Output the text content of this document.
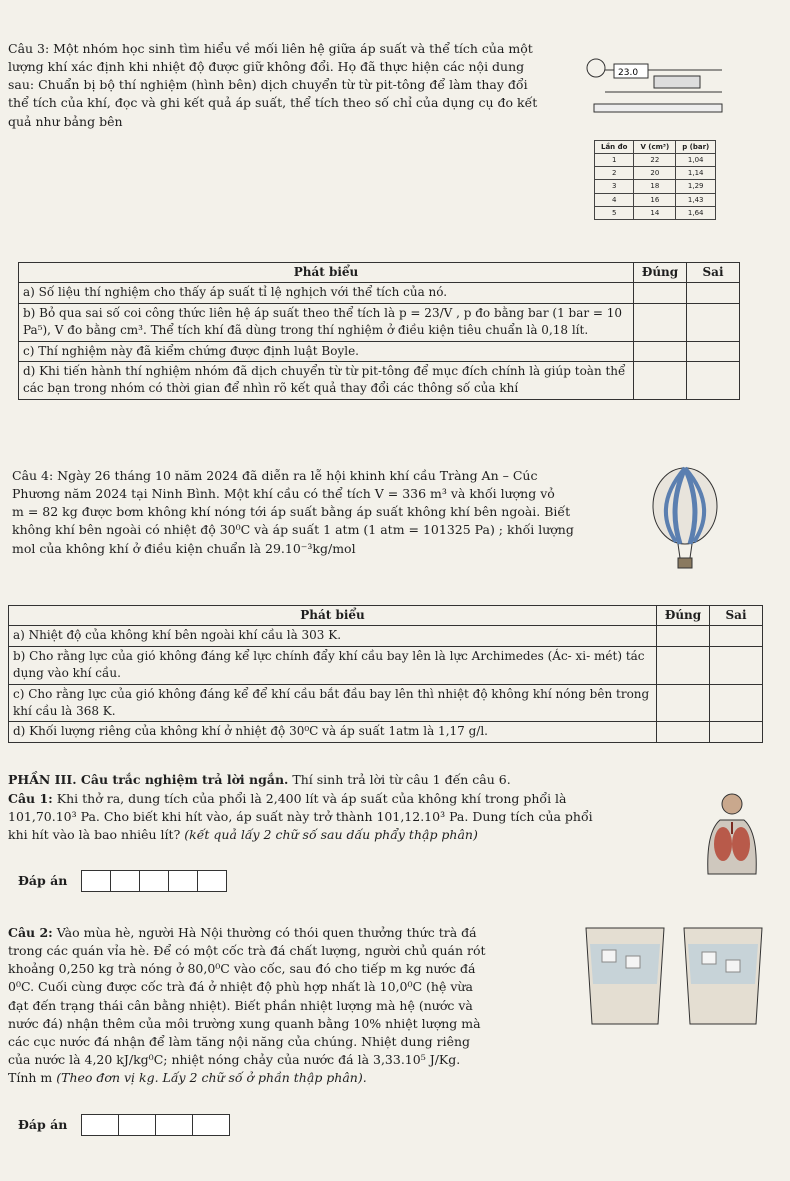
Câu 3: Một nhóm học sinh tìm hiểu về mối liên hệ giữa áp suất và thể tích của một

lượng khí xác định khi nhiệt độ được giữ không đổi. Họ đã thực hiện các nội dung

sau: Chuẩn bị bộ thí nghiệm (hình bên) dịch chuyển từ từ pit-tông để làm thay đổi

thể tích của khí, đọc và ghi kết quả áp suất, thể tích theo số chỉ của dụng cụ đo kết

quả như bảng bên

23.0
Lần đo	V (cm³)	p (bar)
1	22	1,04
2	20	1,14
3	18	1,29
4	16	1,43
5	14	1,64
Phát biểu	Đúng	Sai
a) Số liệu thí nghiệm cho thấy áp suất tỉ lệ nghịch với thể tích của nó.		
b) Bỏ qua sai số coi công thức liên hệ áp suất theo thể tích là p = 23/V , p đo bằng bar (1 bar = 10 Pa⁵), V đo bằng cm³. Thể tích khí đã dùng trong thí nghiệm ở điều kiện tiêu chuẩn là 0,18 lít.		
c) Thí nghiệm này đã kiểm chứng được định luật Boyle.		
d) Khi tiến hành thí nghiệm nhóm đã dịch chuyển từ từ pit-tông để mục đích chính là giúp toàn thể các bạn trong nhóm có thời gian để nhìn rõ kết quả thay đổi các thông số của khí		

Câu 4: Ngày 26 tháng 10 năm 2024 đã diễn ra lễ hội khinh khí cầu Tràng An – Cúc

Phương năm 2024 tại Ninh Bình. Một khí cầu có thể tích V = 336 m³ và khối lượng vỏ

m = 82 kg được bơm không khí nóng tới áp suất bằng áp suất không khí bên ngoài. Biết

không khí bên ngoài có nhiệt độ 30⁰C và áp suất 1 atm (1 atm = 101325 Pa) ; khối lượng

mol của không khí ở điều kiện chuẩn là 29.10⁻³kg/mol

Phát biểu	Đúng	Sai
a) Nhiệt độ của không khí bên ngoài khí cầu là 303 K.		
b) Cho rằng lực của gió không đáng kể lực chính đẩy khí cầu bay lên là lực Archimedes (Ác- xi- mét) tác dụng vào khí cầu.		
c) Cho rằng lực của gió không đáng kể để khí cầu bắt đầu bay lên thì nhiệt độ không khí nóng bên trong khí cầu là 368 K.		
d) Khối lượng riêng của không khí ở nhiệt độ 30⁰C và áp suất 1atm là 1,17 g/l.		
PHẦN III. Câu trắc nghiệm trả lời ngắn. Thí sinh trả lời từ câu 1 đến câu 6.

Câu 1: Khi thở ra, dung tích của phổi là 2,400 lít và áp suất của không khí trong phổi là

101,70.10³ Pa. Cho biết khi hít vào, áp suất này trở thành 101,12.10³ Pa. Dung tích của phổi

khi hít vào là bao nhiêu lít? (kết quả lấy 2 chữ số sau dấu phẩy thập phân)

Đáp án

Câu 2: Vào mùa hè, người Hà Nội thường có thói quen thưởng thức trà đá

trong các quán vỉa hè. Để có một cốc trà đá chất lượng, người chủ quán rót

khoảng 0,250 kg trà nóng ở 80,0⁰C vào cốc, sau đó cho tiếp m kg nước đá

0⁰C. Cuối cùng được cốc trà đá ở nhiệt độ phù hợp nhất là 10,0⁰C (hệ vừa

đạt đến trạng thái cân bằng nhiệt). Biết phần nhiệt lượng mà hệ (nước và

nước đá) nhận thêm của môi trường xung quanh bằng 10% nhiệt lượng mà

các cục nước đá nhận để làm tăng nội năng của chúng. Nhiệt dung riêng

của nước là 4,20 kJ/kg⁰C; nhiệt nóng chảy của nước đá là 3,33.10⁵ J/Kg.

Tính m (Theo đơn vị kg. Lấy 2 chữ số ở phần thập phân).

Đáp án
